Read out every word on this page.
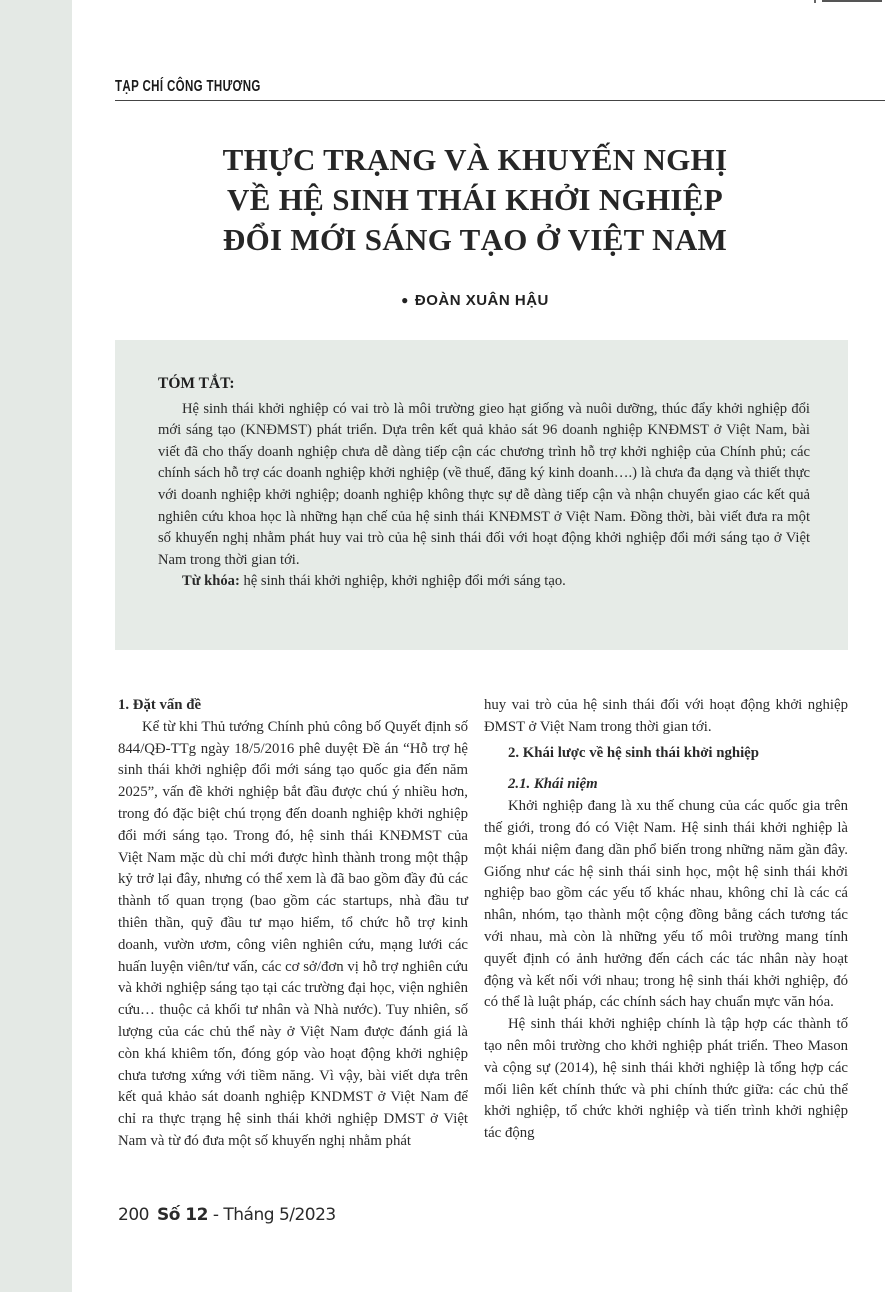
TẠP CHÍ CÔNG THƯƠNG
THỰC TRẠNG VÀ KHUYẾN NGHỊ
VỀ HỆ SINH THÁI KHỞI NGHIỆP
ĐỔI MỚI SÁNG TẠO Ở VIỆT NAM
● ĐOÀN XUÂN HẬU
TÓM TẮT:
Hệ sinh thái khởi nghiệp có vai trò là môi trường gieo hạt giống và nuôi dưỡng, thúc đẩy khởi nghiệp đổi mới sáng tạo (KNĐMST) phát triển. Dựa trên kết quả khảo sát 96 doanh nghiệp KNĐMST ở Việt Nam, bài viết đã cho thấy doanh nghiệp chưa dễ dàng tiếp cận các chương trình hỗ trợ khởi nghiệp của Chính phủ; các chính sách hỗ trợ các doanh nghiệp khởi nghiệp (về thuế, đăng ký kinh doanh….) là chưa đa dạng và thiết thực với doanh nghiệp khởi nghiệp; doanh nghiệp không thực sự dễ dàng tiếp cận và nhận chuyển giao các kết quả nghiên cứu khoa học là những hạn chế của hệ sinh thái KNĐMST ở Việt Nam. Đồng thời, bài viết đưa ra một số khuyến nghị nhằm phát huy vai trò của hệ sinh thái đối với hoạt động khởi nghiệp đổi mới sáng tạo ở Việt Nam trong thời gian tới.
Từ khóa: hệ sinh thái khởi nghiệp, khởi nghiệp đổi mới sáng tạo.
1. Đặt vấn đề

Kể từ khi Thủ tướng Chính phủ công bố Quyết định số 844/QĐ-TTg ngày 18/5/2016 phê duyệt Đề án “Hỗ trợ hệ sinh thái khởi nghiệp đổi mới sáng tạo quốc gia đến năm 2025”, vấn đề khởi nghiệp bắt đầu được chú ý nhiều hơn, trong đó đặc biệt chú trọng đến doanh nghiệp khởi nghiệp đổi mới sáng tạo. Trong đó, hệ sinh thái KNĐMST của Việt Nam mặc dù chỉ mới được hình thành trong một thập kỷ trở lại đây, nhưng có thể xem là đã bao gồm đầy đủ các thành tố quan trọng (bao gồm các startups, nhà đầu tư thiên thần, quỹ đầu tư mạo hiểm, tổ chức hỗ trợ kinh doanh, vườn ươm, công viên nghiên cứu, mạng lưới các huấn luyện viên/tư vấn, các cơ sở/đơn vị hỗ trợ nghiên cứu và khởi nghiệp sáng tạo tại các trường đại học, viện nghiên cứu… thuộc cả khối tư nhân và Nhà nước). Tuy nhiên, số lượng của các chủ thể này ở Việt Nam được đánh giá là còn khá khiêm tốn, đóng góp vào hoạt động khởi nghiệp chưa tương xứng với tiềm năng. Vì vậy, bài viết dựa trên kết quả khảo sát doanh nghiệp KNDMST ở Việt Nam để chỉ ra thực trạng hệ sinh thái khởi nghiệp DMST ở Việt Nam và từ đó đưa một số khuyến nghị nhằm phát

huy vai trò của hệ sinh thái đối với hoạt động khởi nghiệp ĐMST ở Việt Nam trong thời gian tới.

2. Khái lược về hệ sinh thái khởi nghiệp
2.1. Khái niệm

Khởi nghiệp đang là xu thế chung của các quốc gia trên thế giới, trong đó có Việt Nam. Hệ sinh thái khởi nghiệp là một khái niệm đang dần phổ biến trong những năm gần đây. Giống như các hệ sinh thái sinh học, một hệ sinh thái khởi nghiệp bao gồm các yếu tố khác nhau, không chỉ là các cá nhân, nhóm, tạo thành một cộng đồng bằng cách tương tác với nhau, mà còn là những yếu tố môi trường mang tính quyết định có ảnh hưởng đến cách các tác nhân này hoạt động và kết nối với nhau; trong hệ sinh thái khởi nghiệp, đó có thể là luật pháp, các chính sách hay chuẩn mực văn hóa.

Hệ sinh thái khởi nghiệp chính là tập hợp các thành tố tạo nên môi trường cho khởi nghiệp phát triển. Theo Mason và cộng sự (2014), hệ sinh thái khởi nghiệp là tổng hợp các mối liên kết chính thức và phi chính thức giữa: các chủ thể khởi nghiệp, tổ chức khởi nghiệp và tiến trình khởi nghiệp tác động

200 Số 12 - Tháng 5/2023
